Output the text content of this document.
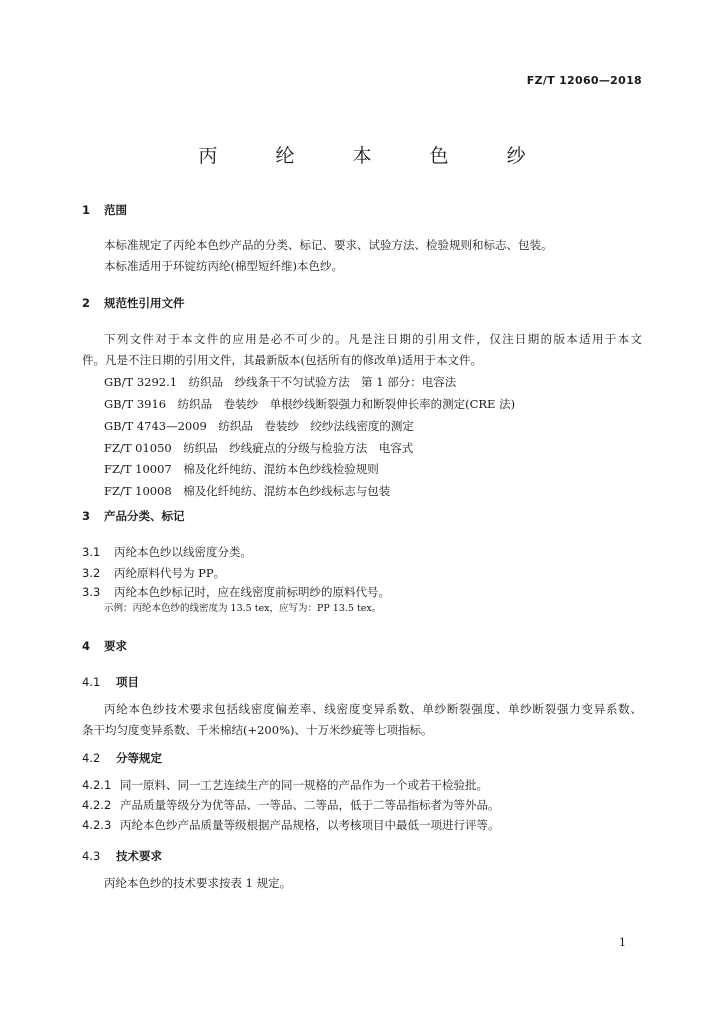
FZ/T 12060—2018
丙 纶 本 色 纱
1 范围
本标准规定了丙纶本色纱产品的分类、标记、要求、试验方法、检验规则和标志、包装。
本标准适用于环锭纺丙纶(棉型短纤维)本色纱。
2 规范性引用文件
下列文件对于本文件的应用是必不可少的。凡是注日期的引用文件，仅注日期的版本适用于本文
件。凡是不注日期的引用文件，其最新版本(包括所有的修改单)适用于本文件。
GB/T 3292.1　纺织品　纱线条干不匀试验方法　第 1 部分：电容法
GB/T 3916　纺织品　卷装纱　单根纱线断裂强力和断裂伸长率的测定(CRE 法)
GB/T 4743—2009　纺织品　卷装纱　绞纱法线密度的测定
FZ/T 01050　纺织品　纱线疵点的分级与检验方法　电容式
FZ/T 10007　棉及化纤纯纺、混纺本色纱线检验规则
FZ/T 10008　棉及化纤纯纺、混纺本色纱线标志与包装
3 产品分类、标记
3.1 丙纶本色纱以线密度分类。
3.2 丙纶原料代号为 PP。
3.3 丙纶本色纱标记时，应在线密度前标明纱的原料代号。
示例：丙纶本色纱的线密度为 13.5 tex，应写为：PP 13.5 tex。
4 要求
4.1 项目
丙纶本色纱技术要求包括线密度偏差率、线密度变异系数、单纱断裂强度、单纱断裂强力变异系数、
条干均匀度变异系数、千米棉结(+200%)、十万米纱疵等七项指标。
4.2 分等规定
4.2.1 同一原料、同一工艺连续生产的同一规格的产品作为一个或若干检验批。
4.2.2 产品质量等级分为优等品、一等品、二等品，低于二等品指标者为等外品。
4.2.3 丙纶本色纱产品质量等级根据产品规格，以考核项目中最低一项进行评等。
4.3 技术要求
丙纶本色纱的技术要求按表 1 规定。
1
